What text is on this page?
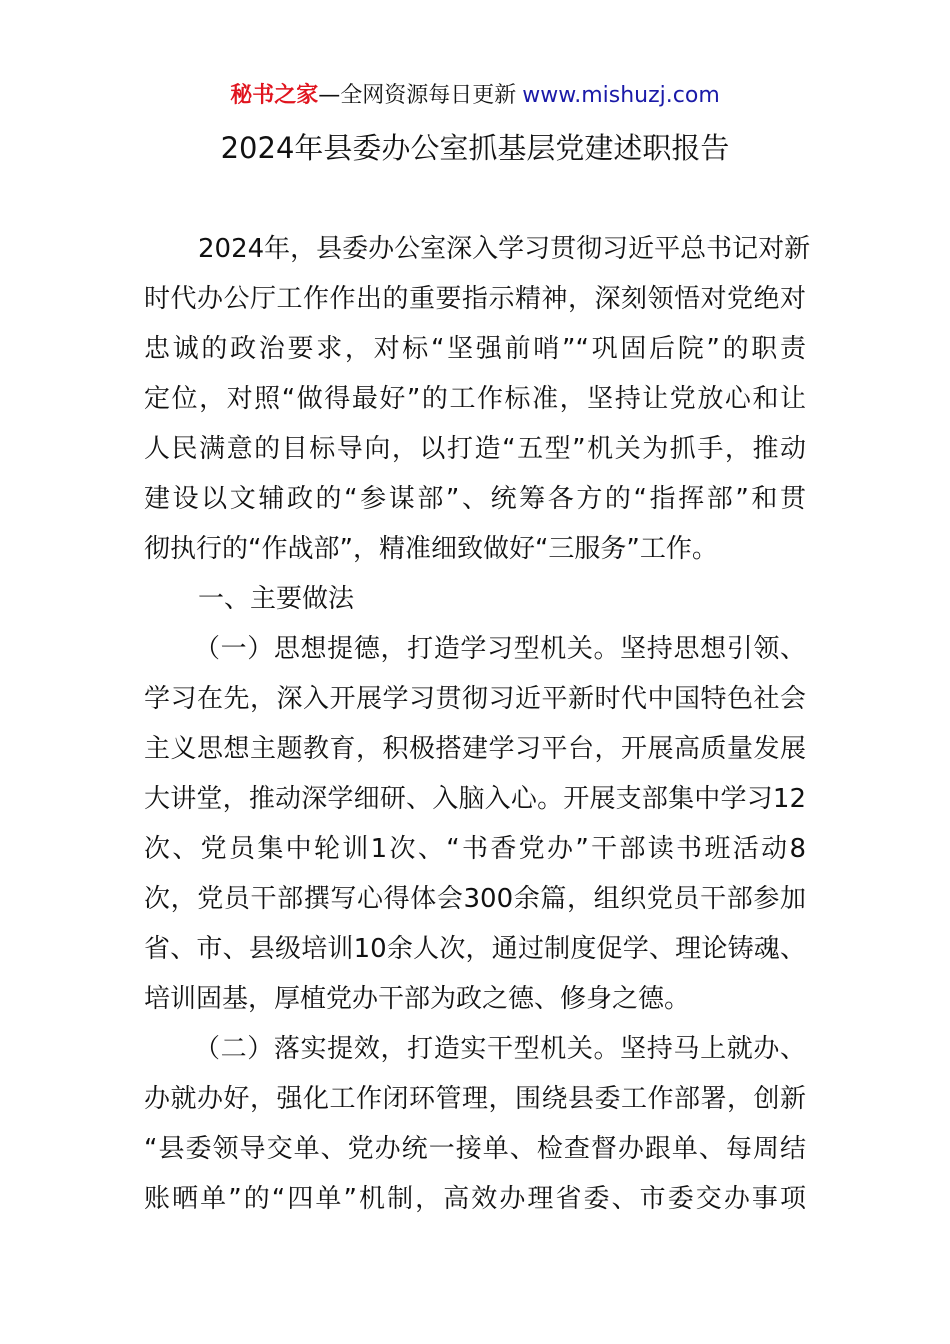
秘书之家—全网资源每日更新 www.mishuzj.com
2024年县委办公室抓基层党建述职报告
2024年，县委办公室深入学习贯彻习近平总书记对新
时代办公厅工作作出的重要指示精神，深刻领悟对党绝对
忠诚的政治要求，对标“坚强前哨”“巩固后院”的职责
定位，对照“做得最好”的工作标准，坚持让党放心和让
人民满意的目标导向，以打造“五型”机关为抓手，推动
建设以文辅政的“参谋部”、统筹各方的“指挥部”和贯
彻执行的“作战部”，精准细致做好“三服务”工作。
一、主要做法
（一）思想提德，打造学习型机关。坚持思想引领、
学习在先，深入开展学习贯彻习近平新时代中国特色社会
主义思想主题教育，积极搭建学习平台，开展高质量发展
大讲堂，推动深学细研、入脑入心。开展支部集中学习12
次、党员集中轮训1次、“书香党办”干部读书班活动8
次，党员干部撰写心得体会300余篇，组织党员干部参加
省、市、县级培训10余人次，通过制度促学、理论铸魂、
培训固基，厚植党办干部为政之德、修身之德。
（二）落实提效，打造实干型机关。坚持马上就办、
办就办好，强化工作闭环管理，围绕县委工作部署，创新
“县委领导交单、党办统一接单、检查督办跟单、每周结
账晒单”的“四单”机制，高效办理省委、市委交办事项
